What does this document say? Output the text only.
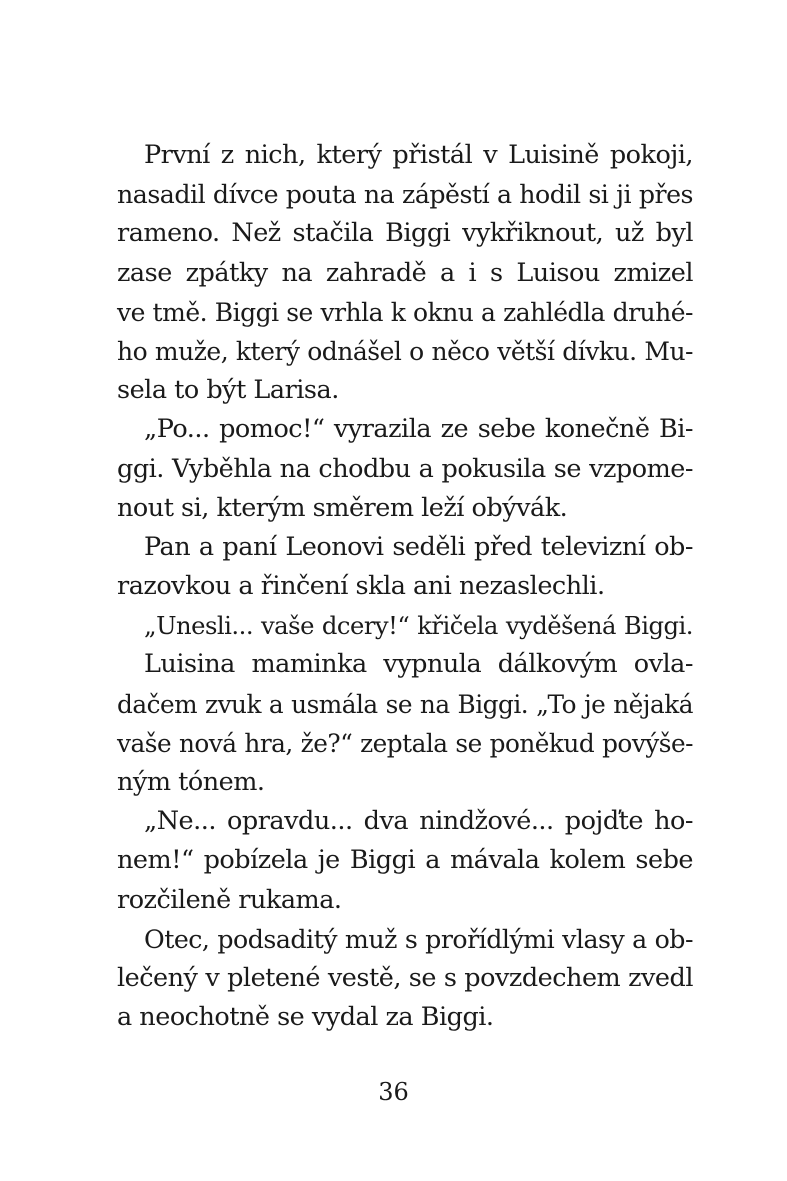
První z nich, který přistál v Luisině pokoji,
nasadil dívce pouta na zápěstí a hodil si ji přes
rameno. Než stačila Biggi vykřiknout, už byl
zase zpátky na zahradě a i s Luisou zmizel
ve tmě. Biggi se vrhla k oknu a zahlédla druhé-
ho muže, který odnášel o něco větší dívku. Mu-
sela to být Larisa.
„Po... pomoc!“ vyrazila ze sebe konečně Bi-
ggi. Vyběhla na chodbu a pokusila se vzpome-
nout si, kterým směrem leží obývák.
Pan a paní Leonovi seděli před televizní ob-
razovkou a řinčení skla ani nezaslechli.
„Unesli... vaše dcery!“ křičela vyděšená Biggi.
Luisina maminka vypnula dálkovým ovla-
dačem zvuk a usmála se na Biggi. „To je nějaká
vaše nová hra, že?“ zeptala se poněkud povýše-
ným tónem.
„Ne... opravdu... dva nindžové... pojďte ho-
nem!“ pobízela je Biggi a mávala kolem sebe
rozčileně rukama.
Otec, podsaditý muž s prořídlými vlasy a ob-
lečený v pletené vestě, se s povzdechem zvedl
a neochotně se vydal za Biggi.
36
